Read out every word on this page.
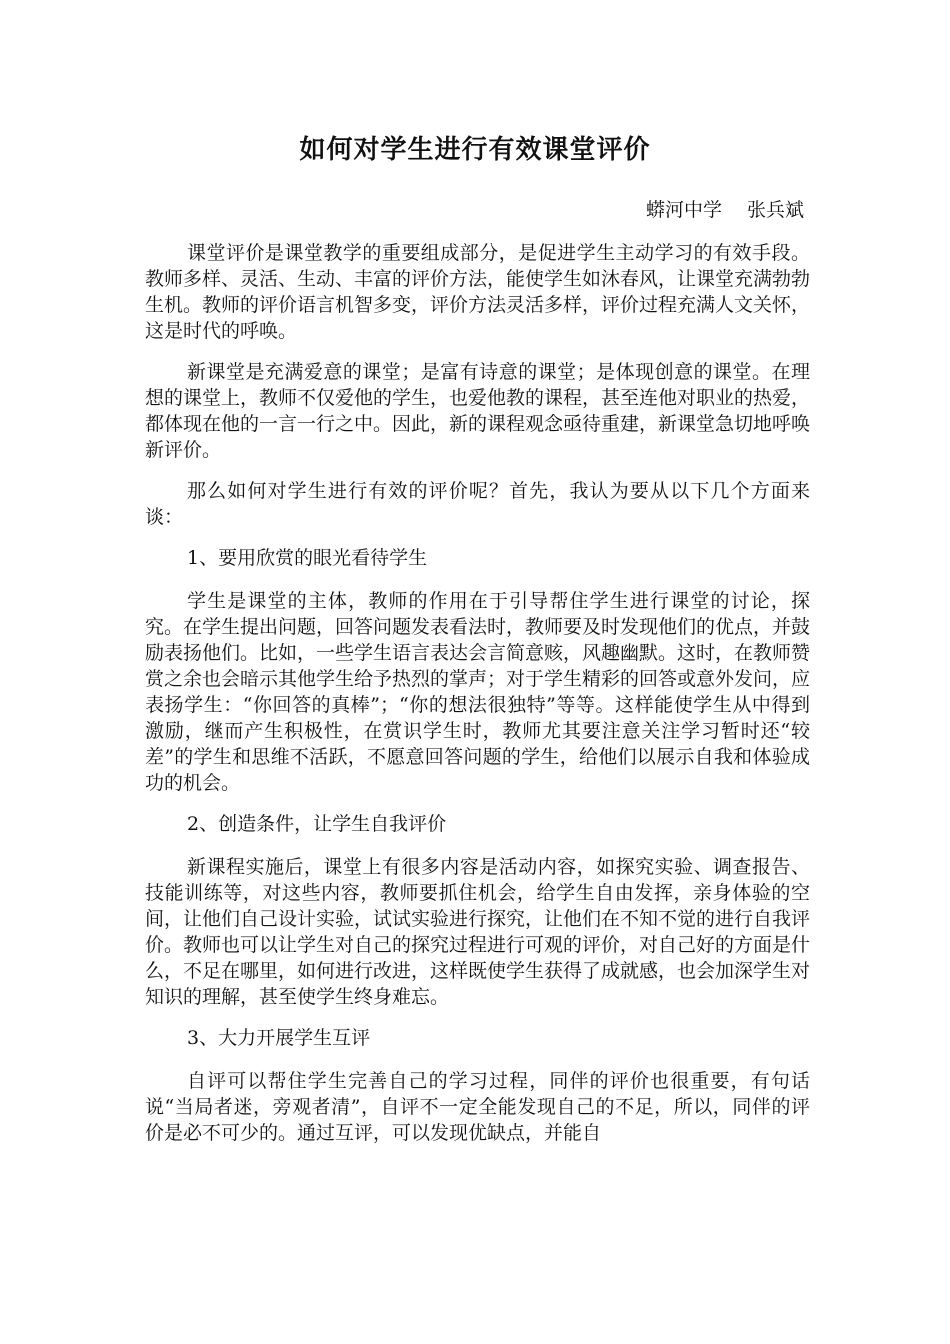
如何对学生进行有效课堂评价

蟒河中学　 张兵斌

课堂评价是课堂教学的重要组成部分，是促进学生主动学习的有效手段。教师多样、灵活、生动、丰富的评价方法，能使学生如沐春风，让课堂充满勃勃生机。教师的评价语言机智多变，评价方法灵活多样，评价过程充满人文关怀，这是时代的呼唤。

新课堂是充满爱意的课堂；是富有诗意的课堂；是体现创意的课堂。在理想的课堂上，教师不仅爱他的学生，也爱他教的课程，甚至连他对职业的热爱，都体现在他的一言一行之中。因此，新的课程观念亟待重建，新课堂急切地呼唤新评价。

那么如何对学生进行有效的评价呢？首先，我认为要从以下几个方面来谈：

1、要用欣赏的眼光看待学生

学生是课堂的主体，教师的作用在于引导帮住学生进行课堂的讨论，探究。在学生提出问题，回答问题发表看法时，教师要及时发现他们的优点，并鼓励表扬他们。比如，一些学生语言表达会言简意赅，风趣幽默。这时，在教师赞赏之余也会暗示其他学生给予热烈的掌声；对于学生精彩的回答或意外发问，应表扬学生：“你回答的真棒”；“你的想法很独特”等等。这样能使学生从中得到激励，继而产生积极性，在赏识学生时，教师尤其要注意关注学习暂时还“较差”的学生和思维不活跃，不愿意回答问题的学生，给他们以展示自我和体验成功的机会。

2、创造条件，让学生自我评价

新课程实施后，课堂上有很多内容是活动内容，如探究实验、调查报告、技能训练等，对这些内容，教师要抓住机会，给学生自由发挥，亲身体验的空间，让他们自己设计实验，试试实验进行探究，让他们在不知不觉的进行自我评价。教师也可以让学生对自己的探究过程进行可观的评价，对自己好的方面是什么，不足在哪里，如何进行改进，这样既使学生获得了成就感，也会加深学生对知识的理解，甚至使学生终身难忘。

3、大力开展学生互评

自评可以帮住学生完善自己的学习过程，同伴的评价也很重要，有句话说“当局者迷，旁观者清”，自评不一定全能发现自己的不足，所以，同伴的评价是必不可少的。通过互评，可以发现优缺点，并能自
